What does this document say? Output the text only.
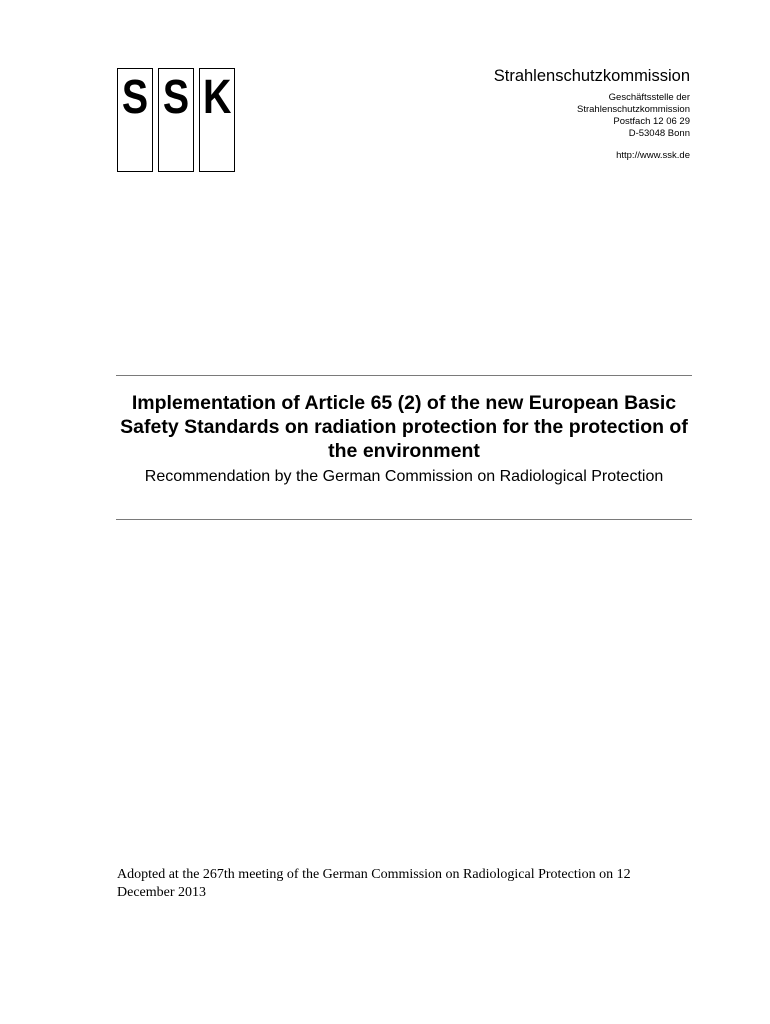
S S K	Strahlenschutzkommission
Geschäftsstelle der
Strahlenschutzkommission
Postfach 12 06 29
D-53048 Bonn
http://www.ssk.de
Implementation of Article 65 (2) of the new European Basic Safety Standards on radiation protection for the protection of the environment
Recommendation by the German Commission on Radiological Protection
Adopted at the 267th meeting of the German Commission on Radiological Protection on 12 December 2013
